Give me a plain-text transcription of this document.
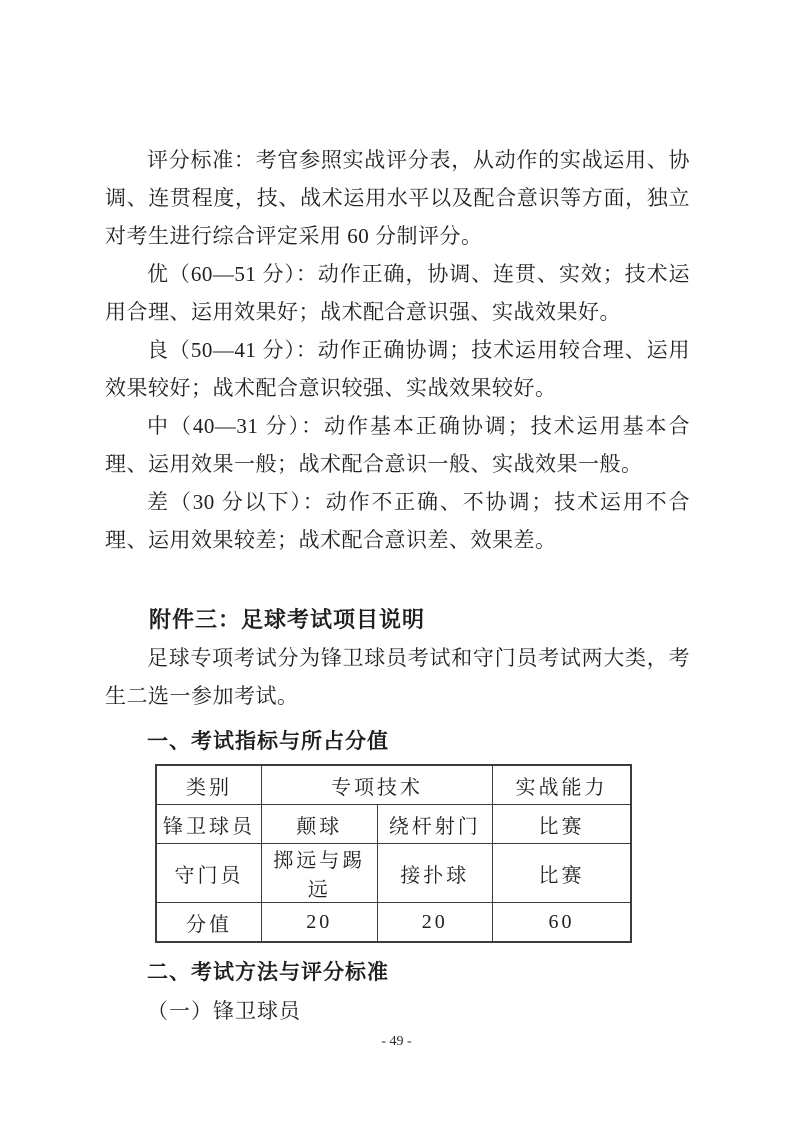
评分标准：考官参照实战评分表，从动作的实战运用、协调、连贯程度，技、战术运用水平以及配合意识等方面，独立对考生进行综合评定采用 60 分制评分。

优（60—51 分）：动作正确，协调、连贯、实效；技术运用合理、运用效果好；战术配合意识强、实战效果好。

良（50—41 分）：动作正确协调；技术运用较合理、运用效果较好；战术配合意识较强、实战效果较好。

中（40—31 分）：动作基本正确协调；技术运用基本合理、运用效果一般；战术配合意识一般、实战效果一般。

差（30 分以下）：动作不正确、不协调；技术运用不合理、运用效果较差；战术配合意识差、效果差。

附件三：足球考试项目说明

足球专项考试分为锋卫球员考试和守门员考试两大类，考生二选一参加考试。

一、考试指标与所占分值
类别	专项技术		实战能力
锋卫球员	颠球	绕杆射门	比赛
守门员	掷远与踢远	接扑球	比赛
分值	20	20	60
二、考试方法与评分标准

（一）锋卫球员

- 49 -
